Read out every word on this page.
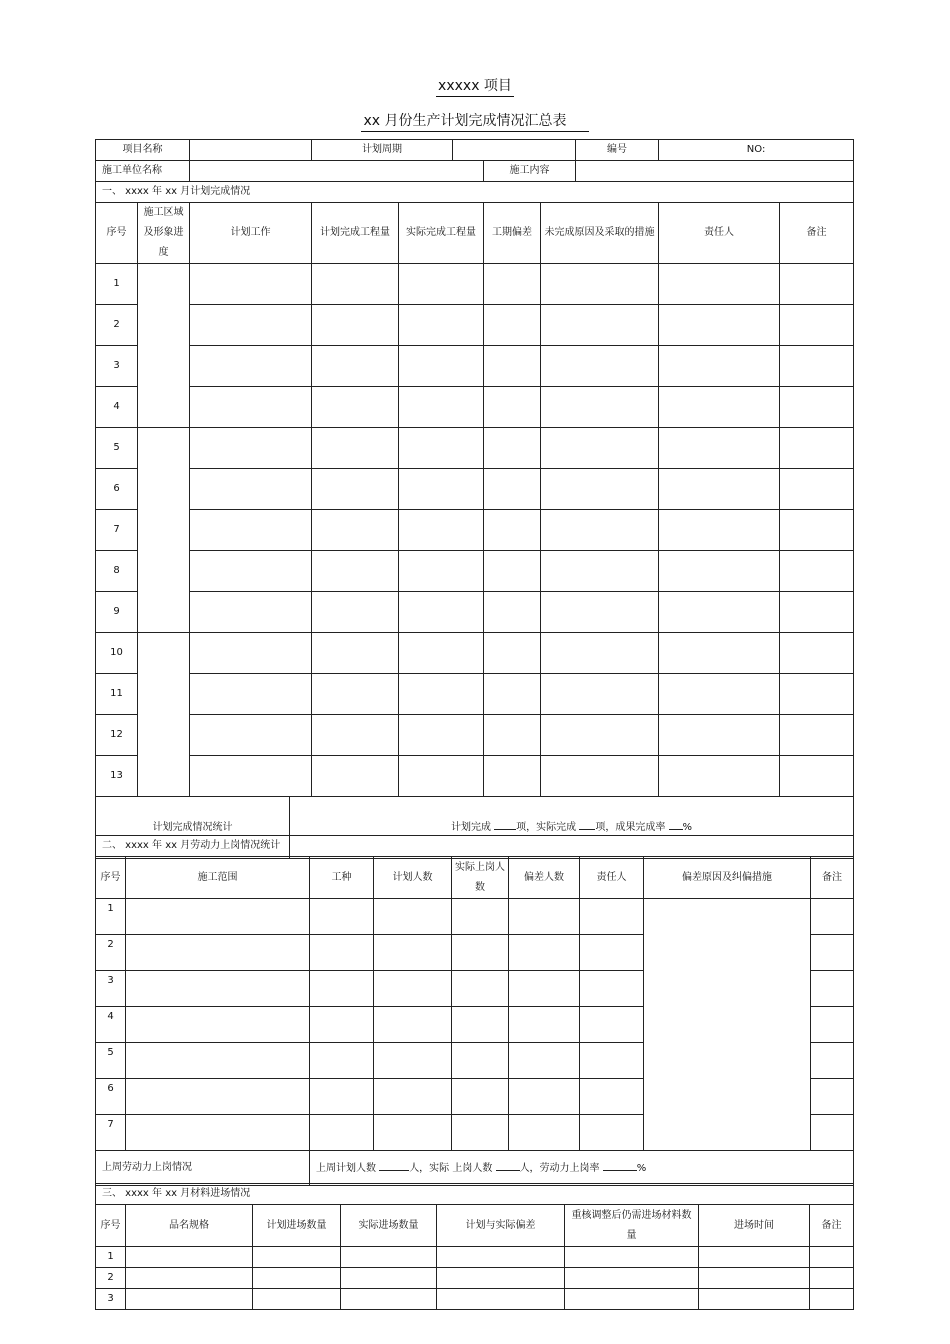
xxxxx 项目
xx 月份生产计划完成情况汇总表
项目名称				计划周期					编号	NO:	
施工单位名称							施工内容				
一、 xxxx 年 xx 月计划完成情况											
序号	施工区域及形象进度	计划工作		计划完成工程量	实际完成工程量		工期偏差	未完成原因及采取的措施		责任人	备注
1											
2											
3											
4											
5											
6											
7											
8											
9											
10											
11											
12											
13											
计划完成情况统计			计划完成 项，实际完成 项，成果完成率 %								
二、 xxxx 年 xx 月劳动力上岗情况统计								
序号	施工范围	工种	计划人数	实际上岗人数	偏差人数	责任人	偏差原因及纠偏措施	备注
1								
2								
3								
4								
5								
6								
7								
上周劳动力上岗情况		上周计划人数 人，实际 上岗人数 人，劳动力上岗率 %						
三、 xxxx 年 xx 月材料进场情况							
序号	品名规格	计划进场数量	实际进场数量	计划与实际偏差	重核调整后仍需进场材料数量	进场时间	备注
1							
2							
3							
